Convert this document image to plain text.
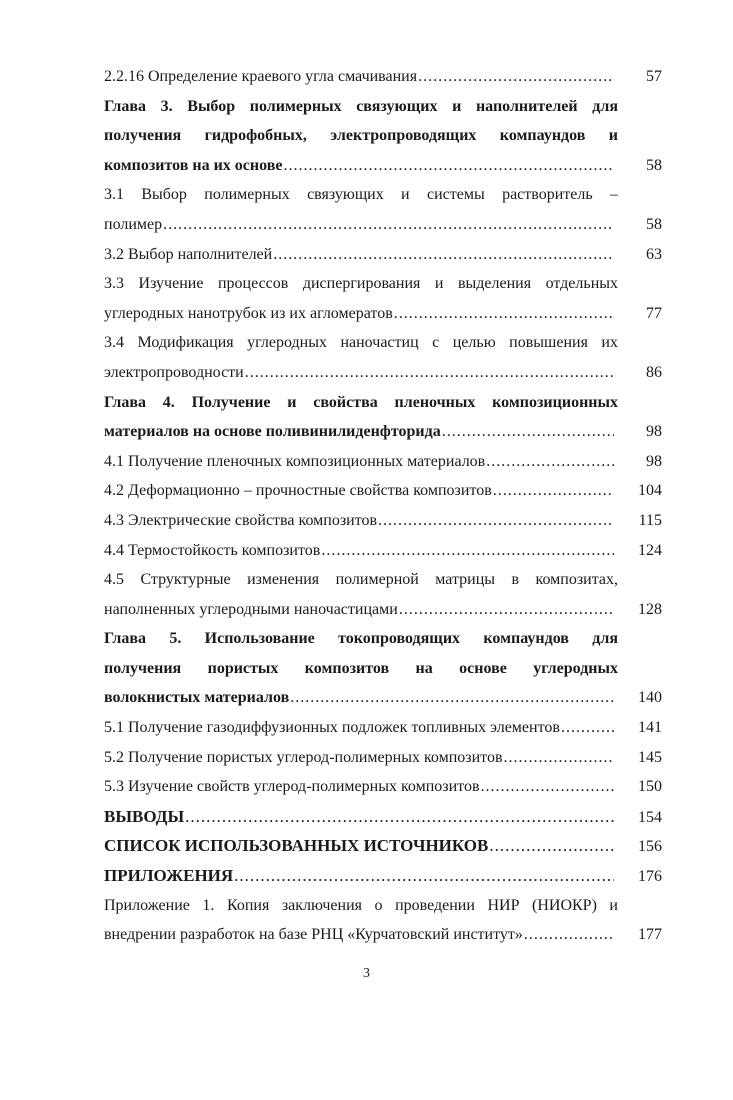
2.2.16 Определение краевого угла смачивания .....	57
Глава 3. Выбор полимерных связующих и наполнителей для
получения гидрофобных, электропроводящих компаундов и
композитов на их основе .....	58
3.1 Выбор полимерных связующих и системы растворитель –
полимер .....	58
3.2 Выбор наполнителей .....	63
3.3 Изучение процессов диспергирования и выделения отдельных
углеродных нанотрубок из их агломератов .....	77
3.4 Модификация углеродных наночастиц с целью повышения их
электропроводности .....	86
Глава 4. Получение и свойства пленочных композиционных
материалов на основе поливинилиденфторида .....	98
4.1 Получение пленочных композиционных материалов .....	98
4.2 Деформационно – прочностные свойства композитов .....	104
4.3 Электрические свойства композитов .....	115
4.4 Термостойкость композитов .....	124
4.5 Структурные изменения полимерной матрицы в композитах,
наполненных углеродными наночастицами .....	128
Глава 5. Использование токопроводящих компаундов для
получения пористых композитов на основе углеродных
волокнистых материалов .....	140
5.1 Получение газодиффузионных подложек топливных элементов .....	141
5.2 Получение пористых углерод-полимерных композитов .....	145
5.3 Изучение свойств углерод-полимерных композитов .....	150
ВЫВОДЫ .....	154
СПИСОК ИСПОЛЬЗОВАННЫХ ИСТОЧНИКОВ .....	156
ПРИЛОЖЕНИЯ .....	176
Приложение 1. Копия заключения о проведении НИР (НИОКР) и
внедрении разработок на базе РНЦ «Курчатовский институт» .....	177
3
